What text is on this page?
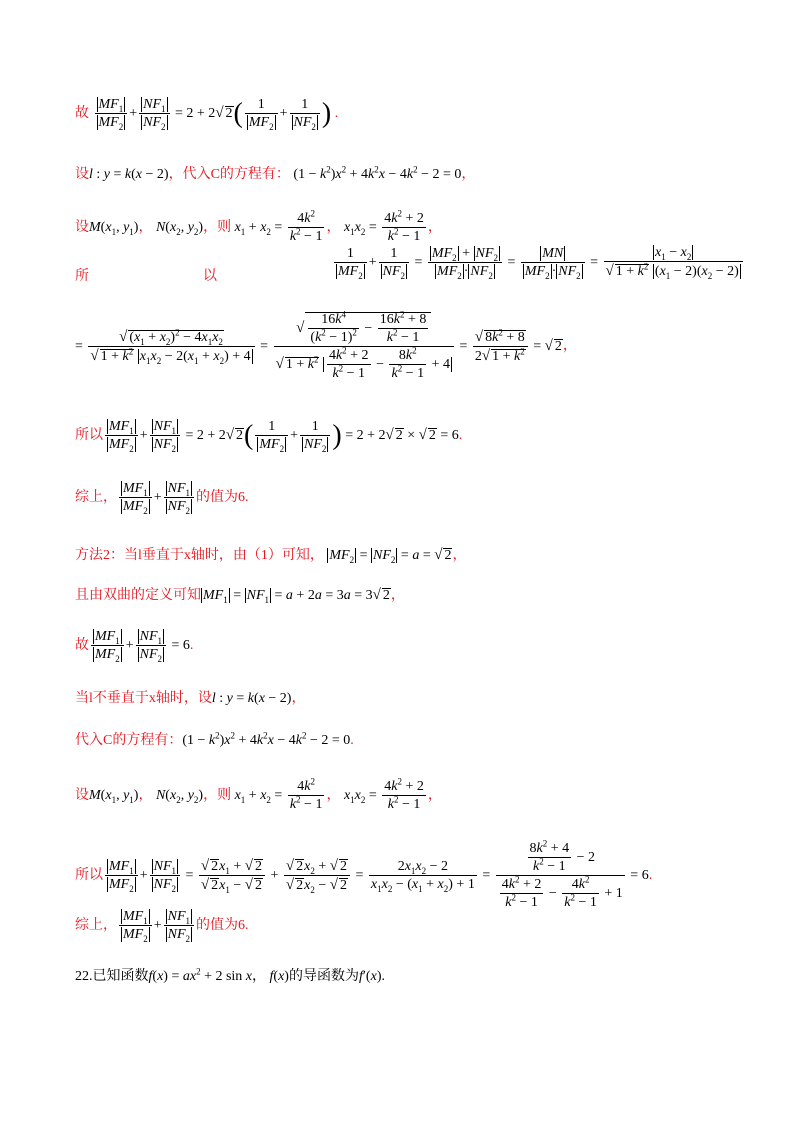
故 $\frac{MF_1}{MF_2} + \frac{NF_1}{NF_2} = 2 + 2√$ $2( \frac{1}{MF_2} + \frac{1}{NF_2}$ ) .
设l : y = k(x − 2)，代入C的方程有： $(1 - k^2)x^2 + 4k^2x - 4k^2 - 2 = 0$，
设$M(x_1$, $y_1$)， $N(x_2$, $y_2$)，则 $x_1 + x_2 = \frac{4k^2}{k^2 - 1}$ ， $x_1x_2 = \frac{4k^2 + 2}{k^2 - 1}$ ，
所	以	$\frac{1}{MF_2} + \frac{1}{NF_2} = \frac{MF_2 + NF_2}{MF_2 \cdot NF_2} = \frac{MN}{MF_2 \cdot NF_2} = \frac{x_1 - x_2}{√ 1 + k^2 (x_1 - 2)(x_2 - 2)}$
= $\frac{√ (x_1 + x_2)^2 - 4x_1x_2}{√ 1 + k^2 x_1x_2 - 2(x_1 + x_2) + 4} = \frac{√ \frac{16k^4}{(k^2 - 1)^2} - \frac{16k^2 + 8}{k^2 - 1}}{√ 1 + k^2 \frac{4k^2 + 2}{k^2 - 1} - \frac{8k^2}{k^2 - 1} + 4} = \frac{√ 8k^2 + 8}{2√ 1 + k^2}$ = √ 2，
所以 $\frac{MF_1}{MF_2} + \frac{NF_1}{NF_2} = 2 + 2√$ $2( \frac{1}{MF_2} + \frac{1}{NF_2}$ ) = 2 + 2√ 2 × √ 2 = 6.
综上， $\frac{MF_1}{MF_2} + \frac{NF_1}{NF_2}$ 的值为6.
方法2：当l垂直于x轴时，由（1）可知， $MF_2 = NF_2 = a$ = √ 2，
且由双曲的定义可知 $MF_1 = NF_1 = a + 2a = 3a = 3√$ 2，
故 $\frac{MF_1}{MF_2} + \frac{NF_1}{NF_2} = 6$.
当l不垂直于x轴时，设l : y = k(x − 2)，
代入C的方程有：$(1 - k^2)x^2 + 4k^2x - 4k^2 - 2 = 0$.
设$M(x_1$, $y_1$)， $N(x_2$, $y_2$)，则 $x_1 + x_2 = \frac{4k^2}{k^2 - 1}$ ， $x_1x_2 = \frac{4k^2 + 2}{k^2 - 1}$ ，
所以 $\frac{MF_1}{MF_2} + \frac{NF_1}{NF_2} = \frac{√ 2x_1 + √ 2}{√ 2x_1 - √ 2} + \frac{√ 2x_2 + √ 2}{√ 2x_2 - √ 2} = \frac{2x_1x_2 - 2}{x_1x_2 - (x_1 + x_2) + 1} = \frac{\frac{8k^2 + 4}{k^2 - 1} - 2}{\frac{4k^2 + 2}{k^2 - 1} - \frac{4k^2}{k^2 - 1} + 1} = 6$.
综上， $\frac{MF_1}{MF_2} + \frac{NF_1}{NF_2}$ 的值为6.
22.已知函数$f(x) = ax^2 + 2$ sin x， f(x)的导函数为f′(x).
